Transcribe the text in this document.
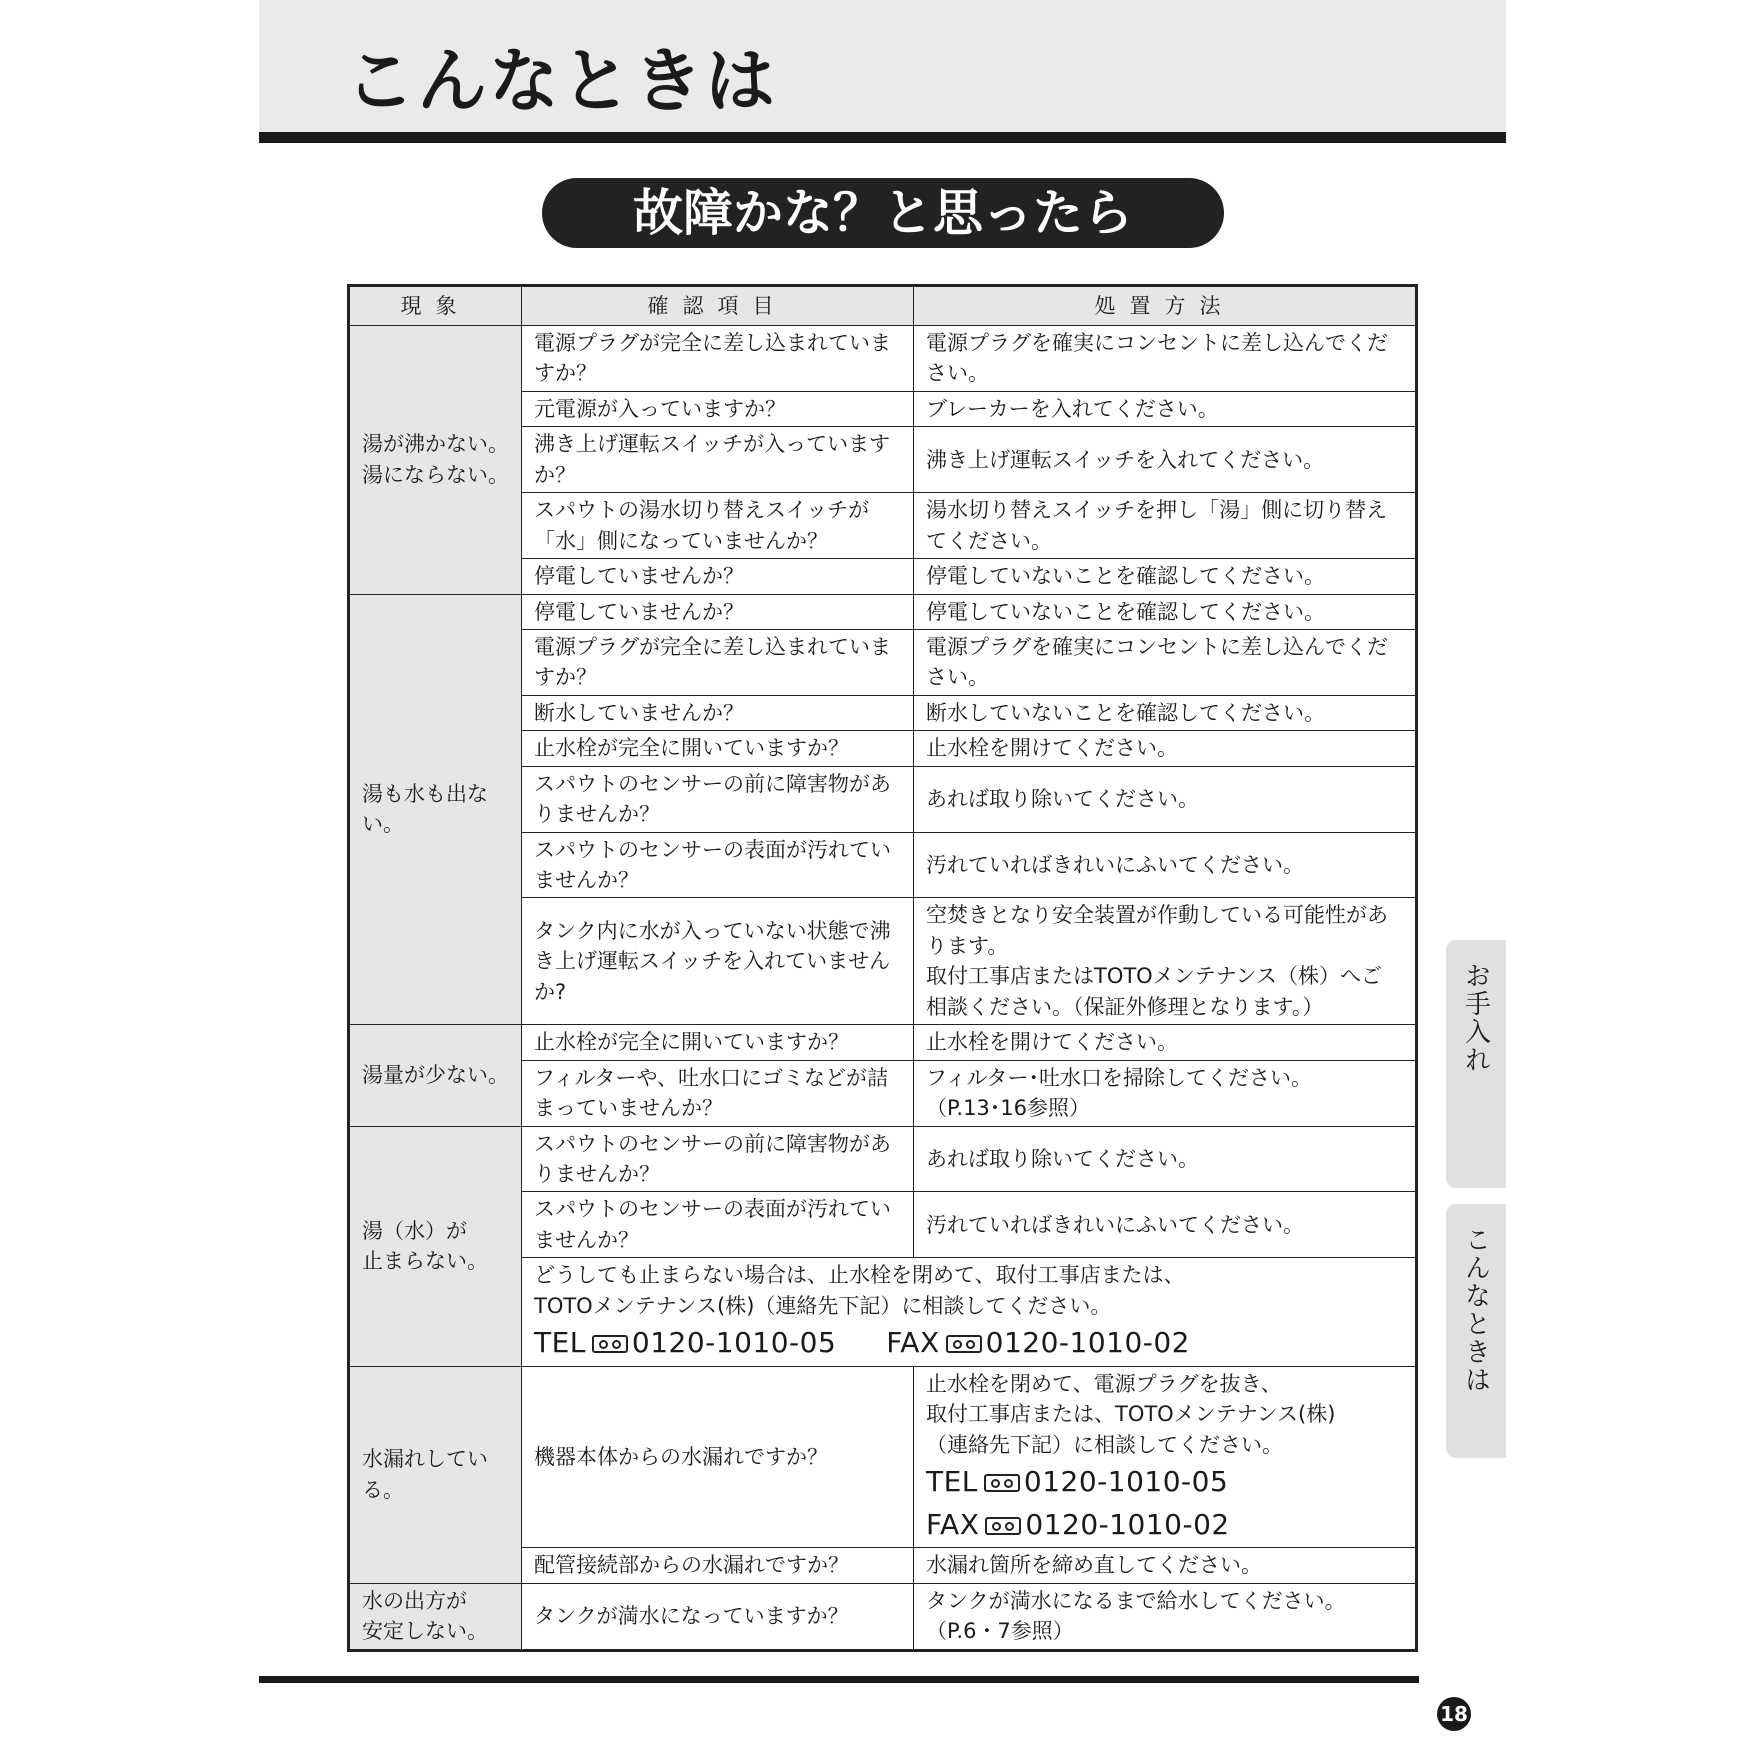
こんなときは
故障かな？と思ったら
現象	確認項目	処置方法
湯が沸かない。
湯にならない。	電源プラグが完全に差し込まれていますか？	電源プラグを確実にコンセントに差し込んでください。

	元電源が入っていますか？	ブレーカーを入れてください。

	沸き上げ運転スイッチが入っていますか？	沸き上げ運転スイッチを入れてください。

	スパウトの湯水切り替えスイッチが「水」側になっていませんか？	湯水切り替えスイッチを押し「湯」側に切り替えてください。

	停電していませんか？	停電していないことを確認してください。

湯も水も出ない。	停電していませんか？	停電していないことを確認してください。

	電源プラグが完全に差し込まれていますか？	電源プラグを確実にコンセントに差し込んでください。

	断水していませんか？	断水していないことを確認してください。

	止水栓が完全に開いていますか？	止水栓を開けてください。

	スパウトのセンサーの前に障害物がありませんか？	あれば取り除いてください。

	スパウトのセンサーの表面が汚れていませんか？	汚れていればきれいにふいてください。

	タンク内に水が入っていない状態で沸き上げ運転スイッチを入れていませんか?	空焚きとなり安全装置が作動している可能性があります。
取付工事店またはTOTOメンテナンス（株）へご相談ください。（保証外修理となります。）

湯量が少ない。	止水栓が完全に開いていますか？	止水栓を開けてください。

	フィルターや、吐水口にゴミなどが詰まっていませんか？	フィルター･吐水口を掃除してください。
（P.13･16参照）

湯（水）が
止まらない。	スパウトのセンサーの前に障害物がありませんか？	あれば取り除いてください。

	スパウトのセンサーの表面が汚れていませんか？	汚れていればきれいにふいてください。

	どうしても止まらない場合は、止水栓を閉めて、取付工事店または、
TOTOメンテナンス(株)（連絡先下記）に相談してください。
TEL 0120-1010-05 FAX 0120-1010-02	

水漏れしている。	機器本体からの水漏れですか？	止水栓を閉めて、電源プラグを抜き、
取付工事店または、TOTOメンテナンス(株)
（連絡先下記）に相談してください。
TEL 0120-1010-05
FAX 0120-1010-02

	配管接続部からの水漏れですか？	水漏れ箇所を締め直してください。

水の出方が
安定しない。	タンクが満水になっていますか？	タンクが満水になるまで給水してください。
（P.6・7参照）
お手入れ
こんなときは
18
